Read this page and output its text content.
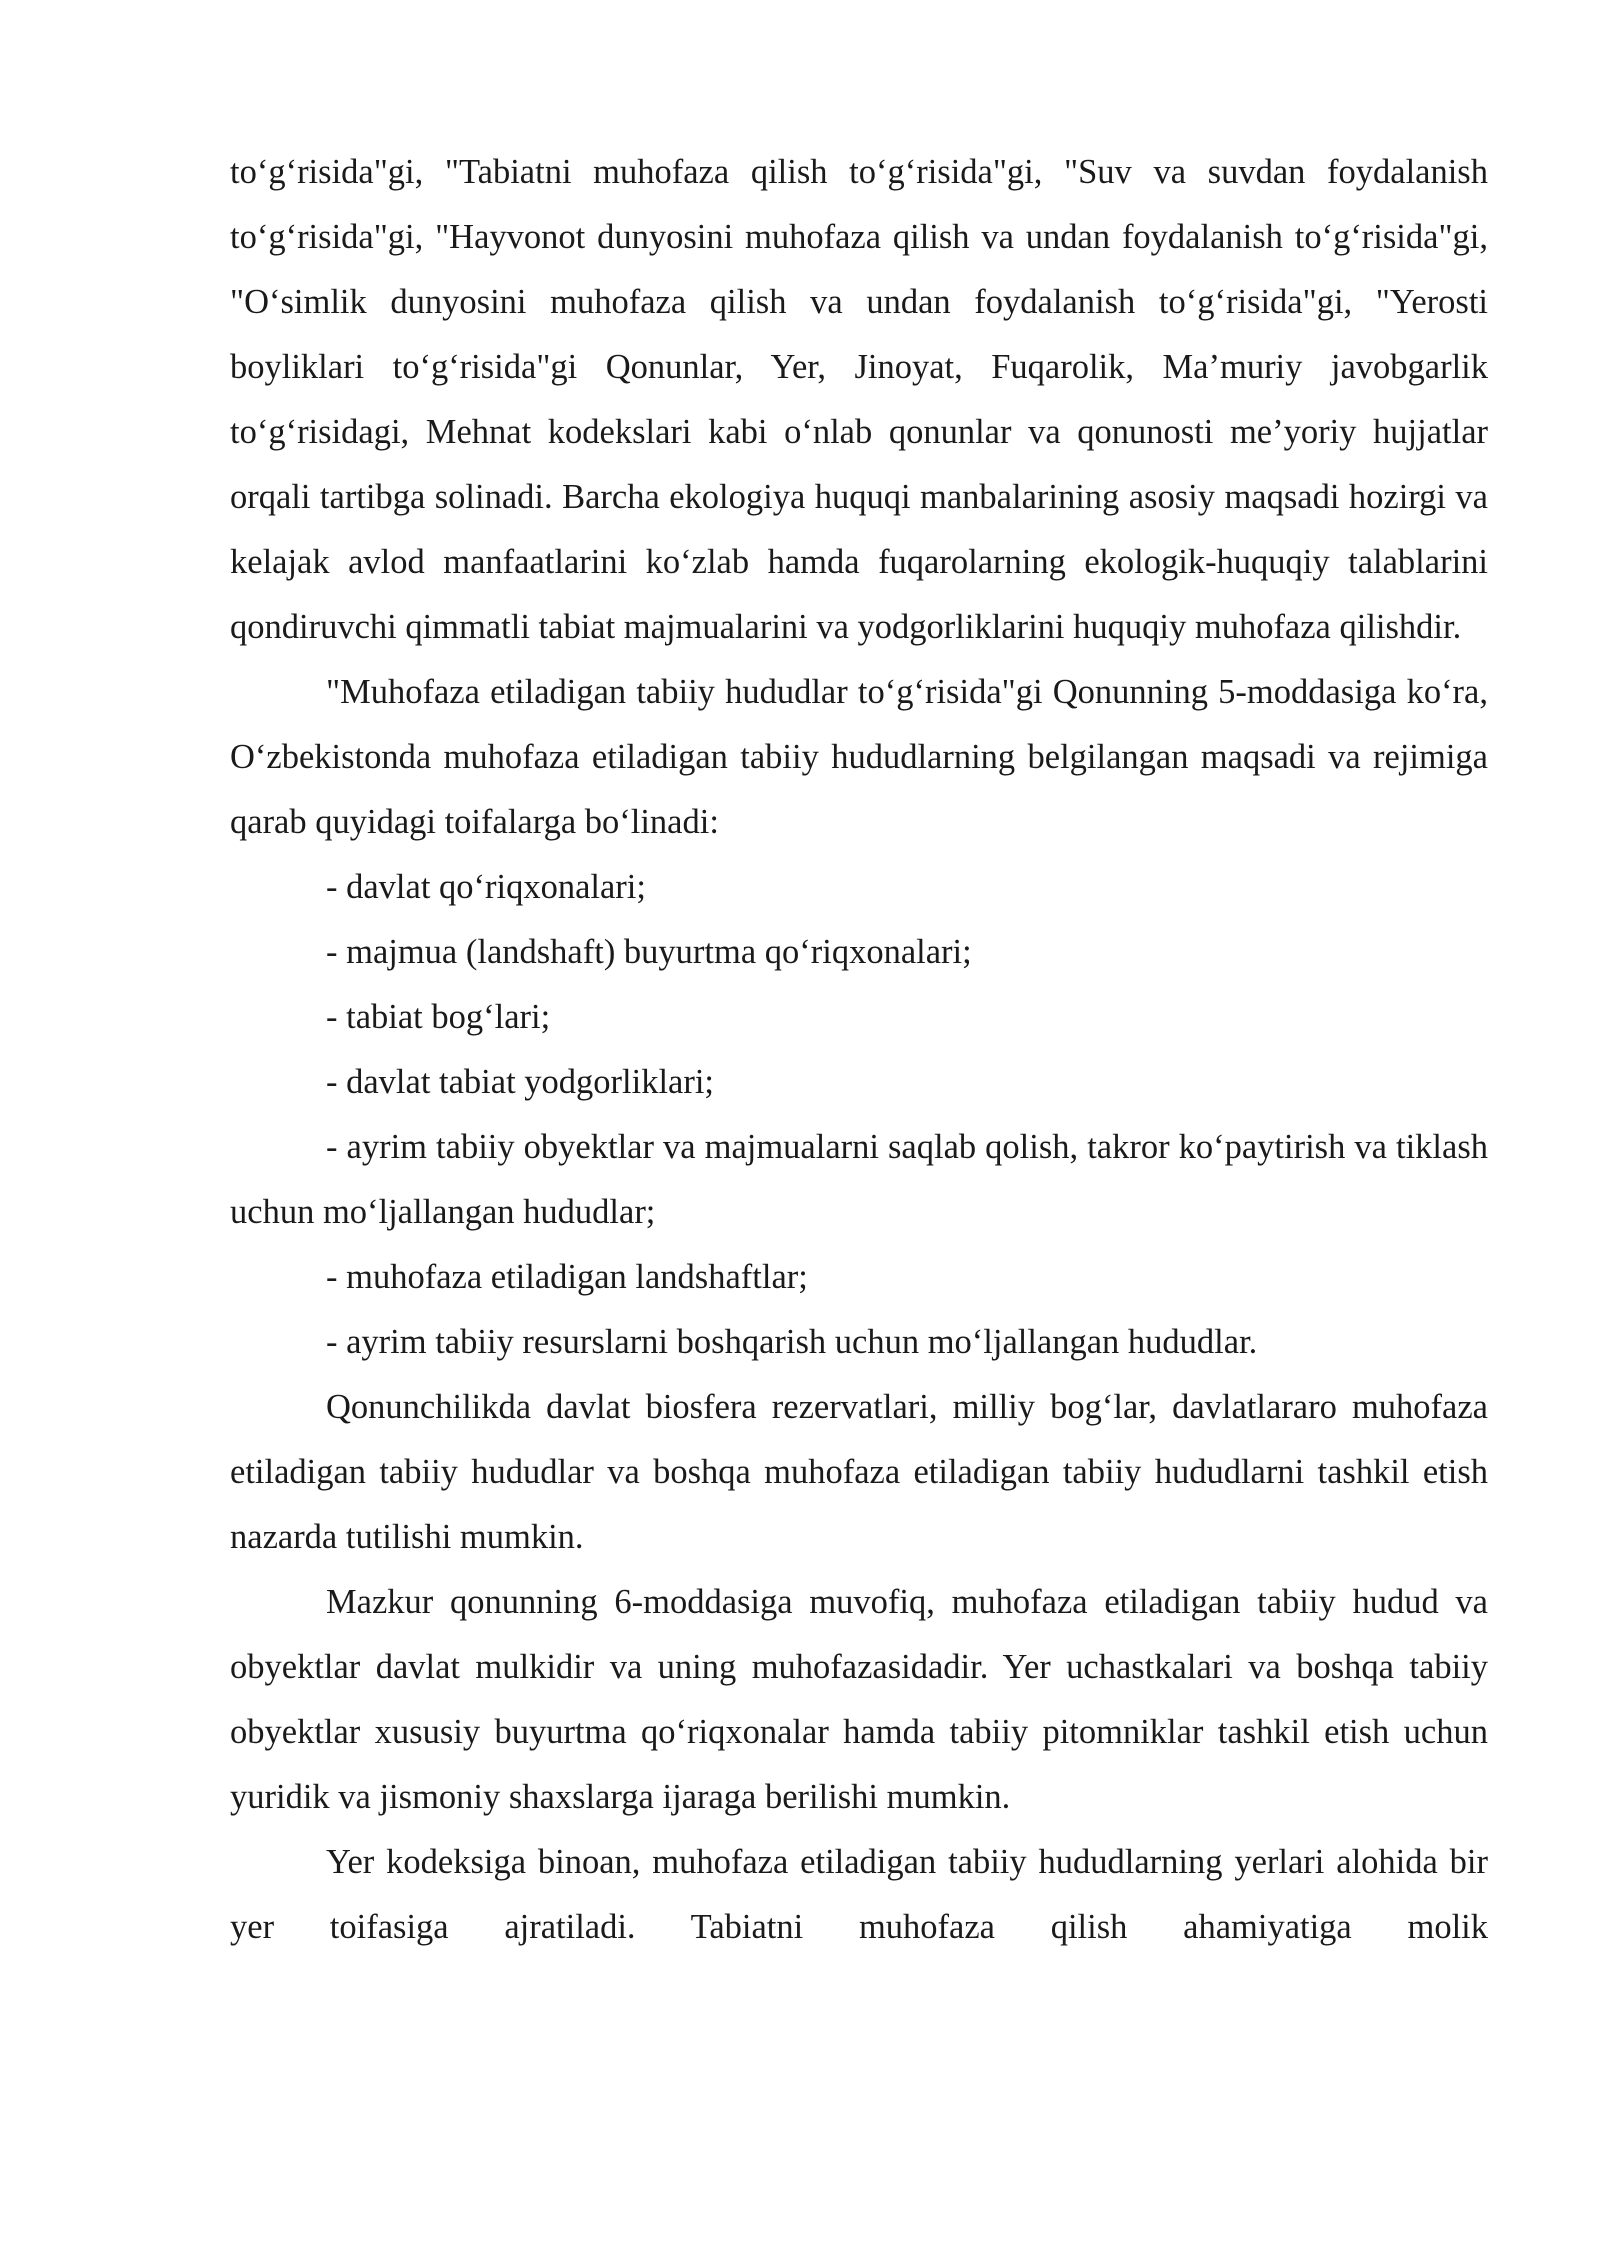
to‘g‘risida"gi, "Tabiatni muhofaza qilish to‘g‘risida"gi, "Suv va suvdan foydalanish to‘g‘risida"gi, "Hayvonot dunyosini muhofaza qilish va undan foydalanish to‘g‘risida"gi, "O‘simlik dunyosini muhofaza qilish va undan foydalanish to‘g‘risida"gi, "Yerosti boyliklari to‘g‘risida"gi Qonunlar, Yer, Jinoyat, Fuqarolik, Ma’muriy javobgarlik to‘g‘risidagi, Mehnat kodekslari kabi o‘nlab qonunlar va qonunosti me’yoriy hujjatlar orqali tartibga solinadi. Barcha ekologiya huquqi manbalarining asosiy maqsadi hozirgi va kelajak avlod manfaatlarini ko‘zlab hamda fuqarolarning ekologik-huquqiy talablarini qondiruvchi qimmatli tabiat majmualarini va yodgorliklarini huquqiy muhofaza qilishdir.

"Muhofaza etiladigan tabiiy hududlar to‘g‘risida"gi Qonunning 5-moddasiga ko‘ra, O‘zbekistonda muhofaza etiladigan tabiiy hududlarning belgilangan maqsadi va rejimiga qarab quyidagi toifalarga bo‘linadi:

- davlat qo‘riqxonalari;

- majmua (landshaft) buyurtma qo‘riqxonalari;

- tabiat bog‘lari;

- davlat tabiat yodgorliklari;

- ayrim tabiiy obyektlar va majmualarni saqlab qolish, takror ko‘paytirish va tiklash uchun mo‘ljallangan hududlar;

- muhofaza etiladigan landshaftlar;

- ayrim tabiiy resurslarni boshqarish uchun mo‘ljallangan hududlar.

Qonunchilikda davlat biosfera rezervatlari, milliy bog‘lar, davlatlararo muhofaza etiladigan tabiiy hududlar va boshqa muhofaza etiladigan tabiiy hududlarni tashkil etish nazarda tutilishi mumkin.

Mazkur qonunning 6-moddasiga muvofiq, muhofaza etiladigan tabiiy hudud va obyektlar davlat mulkidir va uning muhofazasidadir. Yer uchastkalari va boshqa tabiiy obyektlar xususiy buyurtma qo‘riqxonalar hamda tabiiy pitomniklar tashkil etish uchun yuridik va jismoniy shaxslarga ijaraga berilishi mumkin.

Yer kodeksiga binoan, muhofaza etiladigan tabiiy hududlarning yerlari alohida bir yer toifasiga ajratiladi. Tabiatni muhofaza qilish ahamiyatiga molik
